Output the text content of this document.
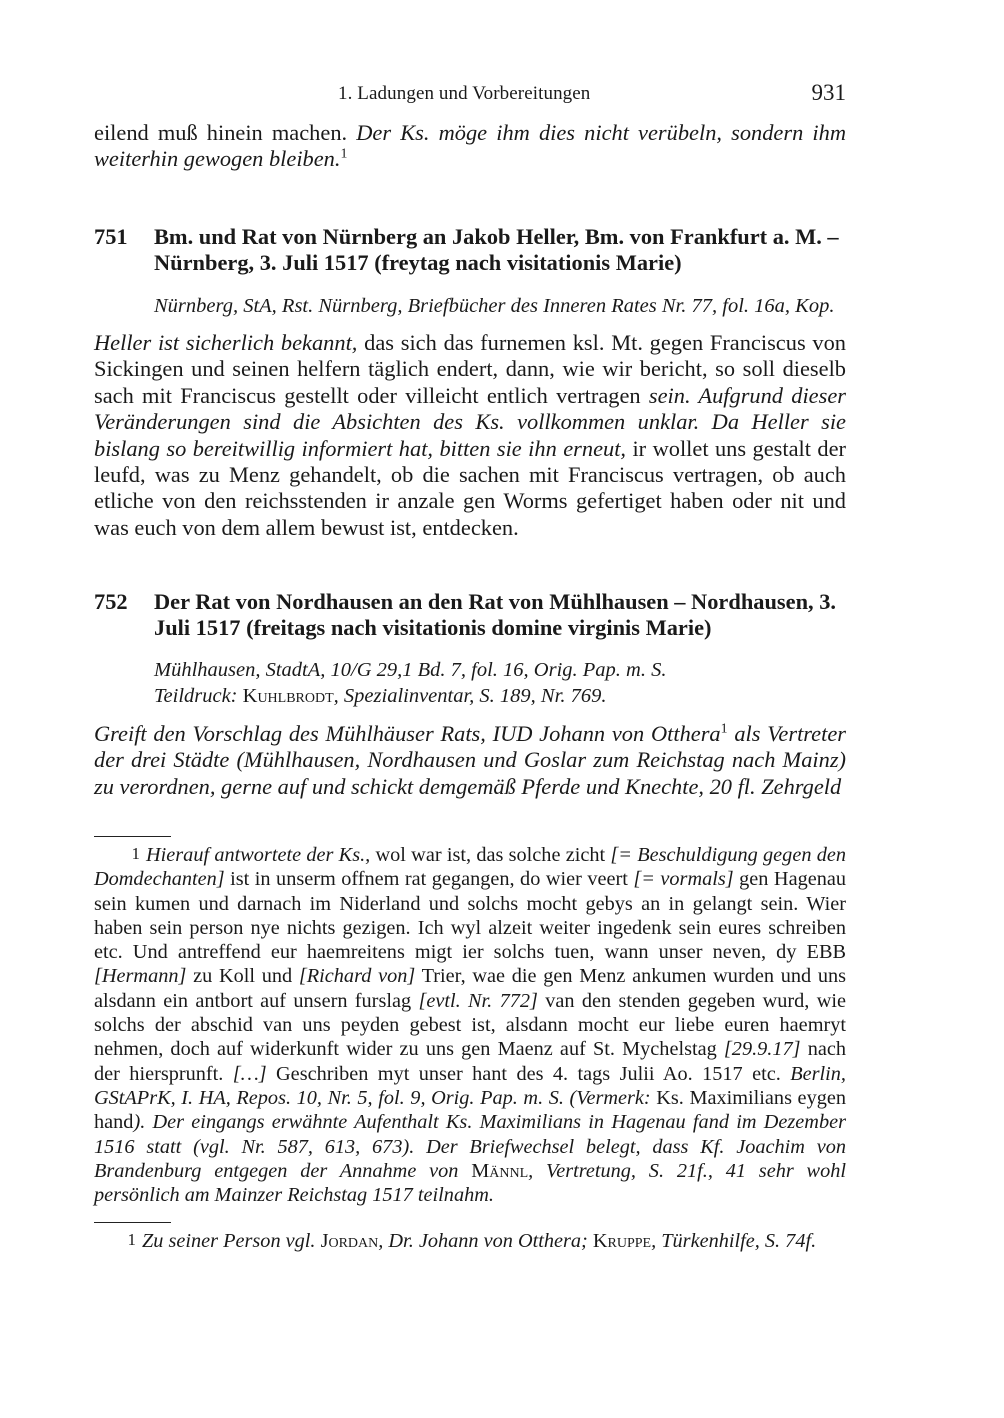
1. Ladungen und Vorbereitungen	931
eilend muß hinein machen. Der Ks. möge ihm dies nicht verübeln, sondern ihm weiterhin gewogen bleiben.$^1$
751	Bm. und Rat von Nürnberg an Jakob Heller, Bm. von Frankfurt a. M. – Nürnberg, 3. Juli 1517 (freytag nach visitationis Marie)
Nürnberg, StA, Rst. Nürnberg, Briefbücher des Inneren Rates Nr. 77, fol. 16a, Kop.
Heller ist sicherlich bekannt, das sich das furnemen ksl. Mt. gegen Franciscus von Sickingen und seinen helfern täglich endert, dann, wie wir bericht, so soll dieselb sach mit Franciscus gestellt oder villeicht entlich vertragen sein. Aufgrund dieser Veränderungen sind die Absichten des Ks. vollkommen unklar. Da Heller sie bislang so bereitwillig informiert hat, bitten sie ihn erneut, ir wollet uns gestalt der leufd, was zu Menz gehandelt, ob die sachen mit Franciscus vertragen, ob auch etliche von den reichsstenden ir anzale gen Worms gefertiget haben oder nit und was euch von dem allem bewust ist, entdecken.
752	Der Rat von Nordhausen an den Rat von Mühlhausen – Nordhausen, 3. Juli 1517 (freitags nach visitationis domine virginis Marie)
Mühlhausen, StadtA, 10/G 29,1 Bd. 7, fol. 16, Orig. Pap. m. S.
Teildruck: Kuhlbrodt, Spezialinventar, S. 189, Nr. 769.
Greift den Vorschlag des Mühlhäuser Rats, IUD Johann von Otthera$^1$ als Vertreter der drei Städte (Mühlhausen, Nordhausen und Goslar zum Reichstag nach Mainz) zu verordnen, gerne auf und schickt demgemäß Pferde und Knechte, 20 fl. Zehrgeld
1 Hierauf antwortete der Ks., wol war ist, das solche zicht [= Beschuldigung gegen den Domdechanten] ist in unserm offnem rat gegangen, do wier veert [= vormals] gen Hagenau sein kumen und darnach im Niderland und solchs mocht gebys an in gelangt sein. Wier haben sein person nye nichts gezigen. Ich wyl alzeit weiter ingedenk sein eures schreiben etc. Und antreffend eur haemreitens migt ier solchs tuen, wann unser neven, dy EBB [Hermann] zu Koll und [Richard von] Trier, wae die gen Menz ankumen wurden und uns alsdann ein antbort auf unsern furslag [evtl. Nr. 772] van den stenden gegeben wurd, wie solchs der abschid van uns peyden gebest ist, alsdann mocht eur liebe euren haemryt nehmen, doch auf widerkunft wider zu uns gen Maenz auf St. Mychelstag [29.9.17] nach der hiersprunft. […] Geschriben myt unser hant des 4. tags Julii Ao. 1517 etc. Berlin, GStAPrK, I. HA, Repos. 10, Nr. 5, fol. 9, Orig. Pap. m. S. (Vermerk: Ks. Maximilians eygen hand). Der eingangs erwähnte Aufenthalt Ks. Maximilians in Hagenau fand im Dezember 1516 statt (vgl. Nr. 587, 613, 673). Der Briefwechsel belegt, dass Kf. Joachim von Brandenburg entgegen der Annahme von Männl, Vertretung, S. 21f., 41 sehr wohl persönlich am Mainzer Reichstag 1517 teilnahm.
1 Zu seiner Person vgl. Jordan, Dr. Johann von Otthera; Kruppe, Türkenhilfe, S. 74f.
